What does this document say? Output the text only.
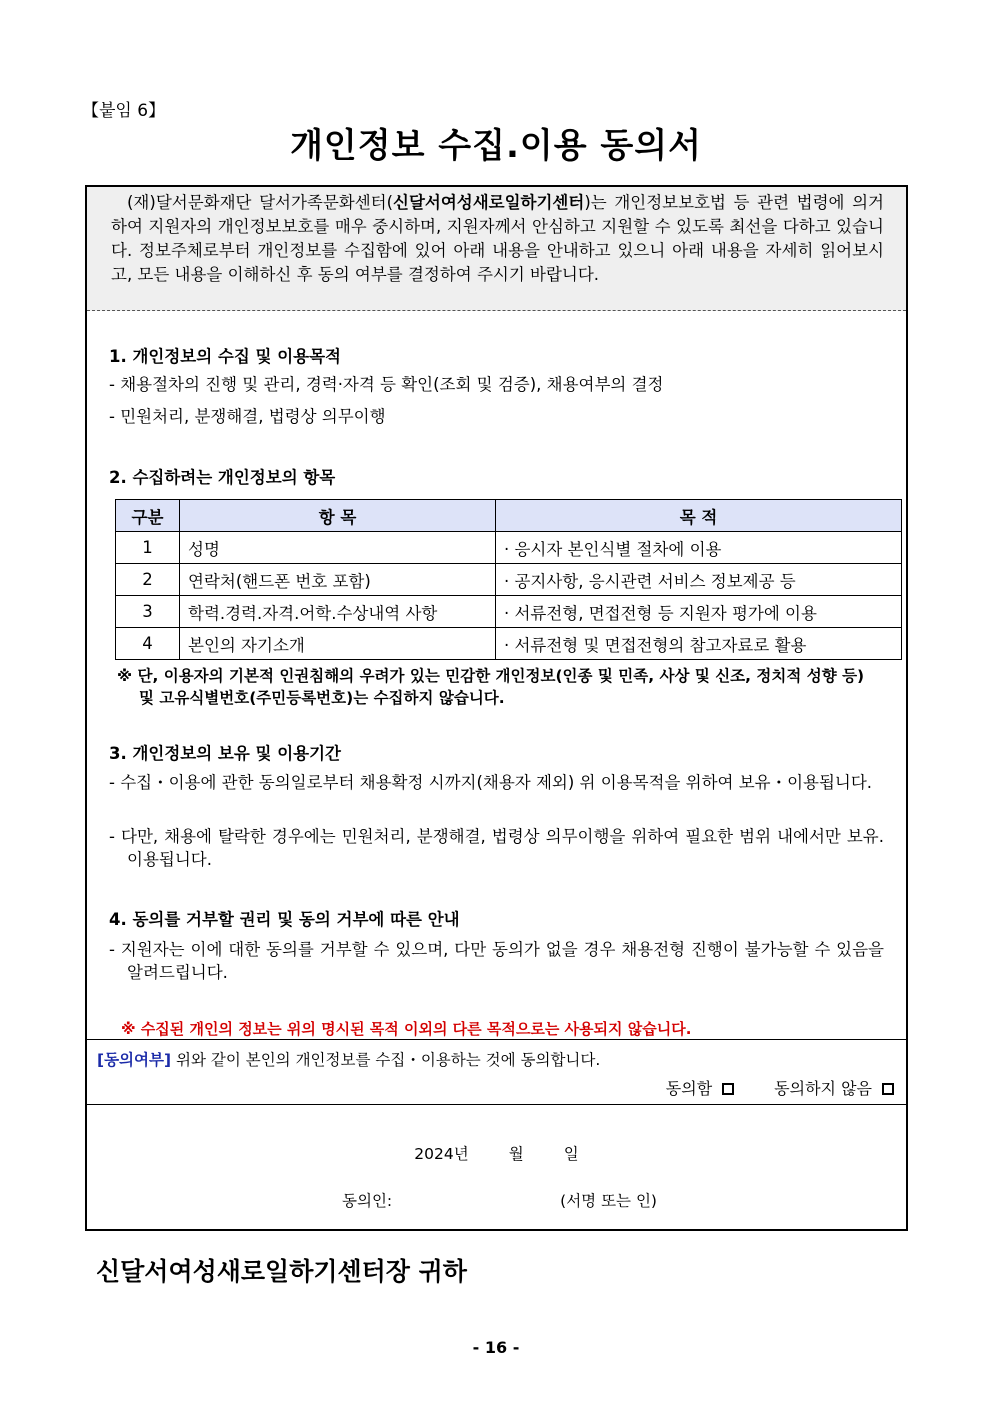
【붙임 6】
개인정보 수집.이용 동의서
(재)달서문화재단 달서가족문화센터(신달서여성새로일하기센터)는 개인정보보호법 등 관련 법령에 의거하여 지원자의 개인정보보호를 매우 중시하며, 지원자께서 안심하고 지원할 수 있도록 최선을 다하고 있습니다. 정보주체로부터 개인정보를 수집함에 있어 아래 내용을 안내하고 있으니 아래 내용을 자세히 읽어보시고, 모든 내용을 이해하신 후 동의 여부를 결정하여 주시기 바랍니다.
1. 개인정보의 수집 및 이용목적
- 채용절차의 진행 및 관리, 경력·자격 등 확인(조회 및 검증), 채용여부의 결정
- 민원처리, 분쟁해결, 법령상 의무이행
2. 수집하려는 개인정보의 항목
구분	항 목	목 적
1	성명	· 응시자 본인식별 절차에 이용
2	연락처(핸드폰 번호 포함)	· 공지사항, 응시관련 서비스 정보제공 등
3	학력.경력.자격.어학.수상내역 사항	· 서류전형, 면접전형 등 지원자 평가에 이용
4	본인의 자기소개	· 서류전형 및 면접전형의 참고자료로 활용
※ 단, 이용자의 기본적 인권침해의 우려가 있는 민감한 개인정보(인종 및 민족, 사상 및 신조, 정치적 성향 등) 및 고유식별번호(주민등록번호)는 수집하지 않습니다.
3. 개인정보의 보유 및 이용기간
- 수집・이용에 관한 동의일로부터 채용확정 시까지(채용자 제외) 위 이용목적을 위하여 보유・이용됩니다.
- 다만, 채용에 탈락한 경우에는 민원처리, 분쟁해결, 법령상 의무이행을 위하여 필요한 범위 내에서만 보유.이용됩니다.
4. 동의를 거부할 권리 및 동의 거부에 따른 안내
- 지원자는 이에 대한 동의를 거부할 수 있으며, 다만 동의가 없을 경우 채용전형 진행이 불가능할 수 있음을 알려드립니다.
※ 수집된 개인의 정보는 위의 명시된 목적 이외의 다른 목적으로는 사용되지 않습니다.
[동의여부] 위와 같이 본인의 개인정보를 수집・이용하는 것에 동의합니다.
동의함	동의하지 않음
2024년	월	일
동의인:	(서명 또는 인)
신달서여성새로일하기센터장 귀하
- 16 -
